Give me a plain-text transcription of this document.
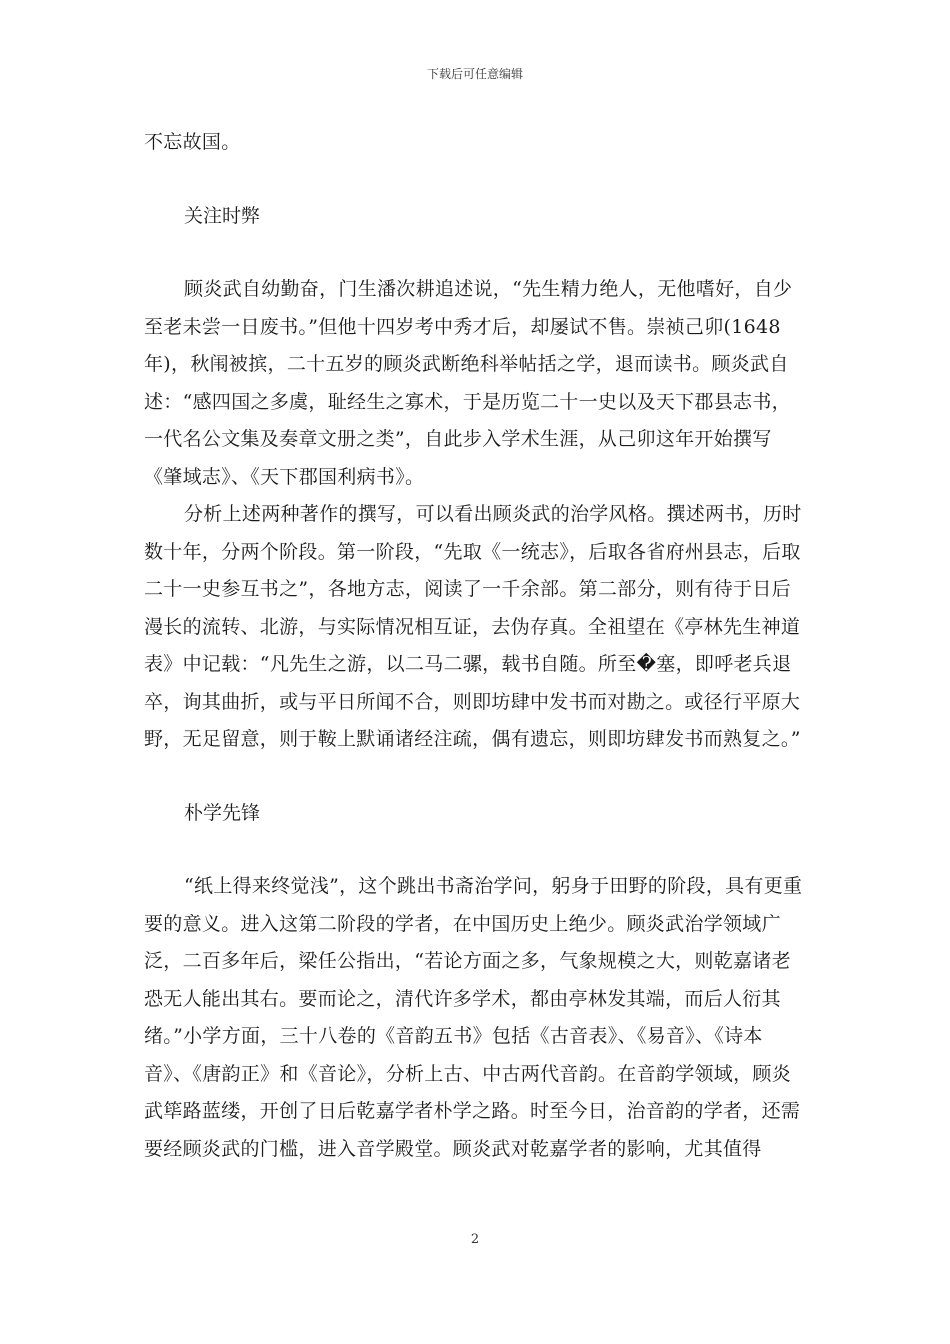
下载后可任意编辑

不忘故国。

关注时弊

顾炎武自幼勤奋，门生潘次耕追述说，“先生精力绝人，无他嗜好，自少至老未尝一日废书。”但他十四岁考中秀才后，却屡试不售。崇祯己卯(1648年)，秋闱被摈，二十五岁的顾炎武断绝科举帖括之学，退而读书。顾炎武自述：“感四国之多虞，耻经生之寡术，于是历览二十一史以及天下郡县志书，一代名公文集及奏章文册之类”，自此步入学术生涯，从己卯这年开始撰写《肇域志》、《天下郡国利病书》。

分析上述两种著作的撰写，可以看出顾炎武的治学风格。撰述两书，历时数十年，分两个阶段。第一阶段，“先取《一统志》，后取各省府州县志，后取二十一史参互书之”，各地方志，阅读了一千余部。第二部分，则有待于日后漫长的流转、北游，与实际情况相互证，去伪存真。全祖望在《亭林先生神道表》中记载：“凡先生之游，以二马二骡，载书自随。所至�塞，即呼老兵退卒，询其曲折，或与平日所闻不合，则即坊肆中发书而对勘之。或径行平原大野，无足留意，则于鞍上默诵诸经注疏，偶有遗忘，则即坊肆发书而熟复之。”

朴学先锋

“纸上得来终觉浅”，这个跳出书斋治学问，躬身于田野的阶段，具有更重要的意义。进入这第二阶段的学者，在中国历史上绝少。顾炎武治学领域广泛，二百多年后，梁任公指出，“若论方面之多，气象规模之大，则乾嘉诸老恐无人能出其右。要而论之，清代许多学术，都由亭林发其端，而后人衍其绪。”小学方面，三十八卷的《音韵五书》包括《古音表》、《易音》、《诗本音》、《唐韵正》和《音论》，分析上古、中古两代音韵。在音韵学领域，顾炎武筚路蓝缕，开创了日后乾嘉学者朴学之路。时至今日，治音韵的学者，还需要经顾炎武的门槛，进入音学殿堂。顾炎武对乾嘉学者的影响，尤其值得

2
